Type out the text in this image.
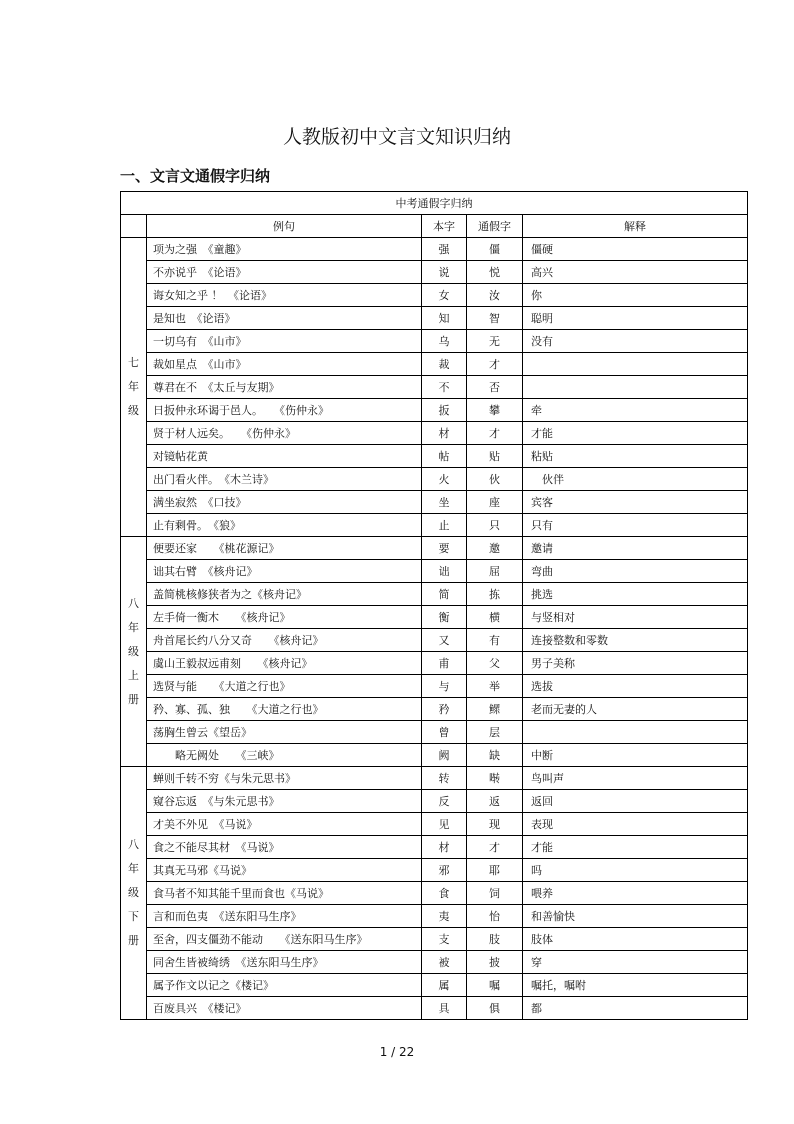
人教版初中文言文知识归纳
一、文言文通假字归纳
中考通假字归纳				
	例句	本字	通假字	解释
七
年
级	项为之强　《童趣》	强	僵	僵硬
	不亦说乎　《论语》	说	悦	高兴
	诲女知之乎 ！　《论语》	女	汝	你
	是知也　《论语》	知	智	聪明
	一切乌有　《山市》	乌	无	没有
	裁如星点　《山市》	裁	才	
	尊君在不　《太丘与友期》	不	否	
	日扳仲永环谒于邑人。　　《伤仲永》	扳	攀	牵
	贤于材人远矣。　　《伤仲永》	材	才	才能
	对镜帖花黄	帖	贴	粘贴
	出门看火伴。　《木兰诗》	火	伙	　伙伴
	满坐寂然　《口技》	坐	座	宾客
	止有剩骨。　《狼》	止	只	只有
八
年
级
上
册	便要还家　　《桃花源记》	要	邀	邀请
	诎其右臂　《核舟记》	诎	屈	弯曲
	盖简桃核修狭者为之《核舟记》	简	拣	挑选
	左手倚一衡木　　《核舟记》	衡	横	与竖相对
	舟首尾长约八分又奇　　《核舟记》	又	有	连接整数和零数
	虞山王毅叔远甫刻　　《核舟记》	甫	父	男子美称
	选贤与能　　《大道之行也》	与	举	选拔
	矜、寡、孤、独　　《大道之行也》	矜	鳏	老而无妻的人
	荡胸生曾云《望岳》	曾	层	
	　　略无阙处　　《三峡》	阙	缺	中断
八
年
级
下
册	蝉则千转不穷《与朱元思书》	转	啭	鸟叫声
	窥谷忘返　《与朱元思书》	反	返	返回
	才美不外见　《马说》	见	现	表现
	食之不能尽其材　《马说》	材	才	才能
	其真无马邪《马说》	邪	耶	吗
	食马者不知其能千里而食也《马说》	食	饲	喂养
	言和而色夷　《送东阳马生序》	夷	怡	和善愉快
	至舍，四支僵劲不能动　　《送东阳马生序》	支	肢	肢体
	同舍生皆被绮绣　《送东阳马生序》	被	披	穿
	属予作文以记之《楼记》	属	嘱	嘱托，嘱咐
	百废具兴　《楼记》	具	俱	都
1 / 22
